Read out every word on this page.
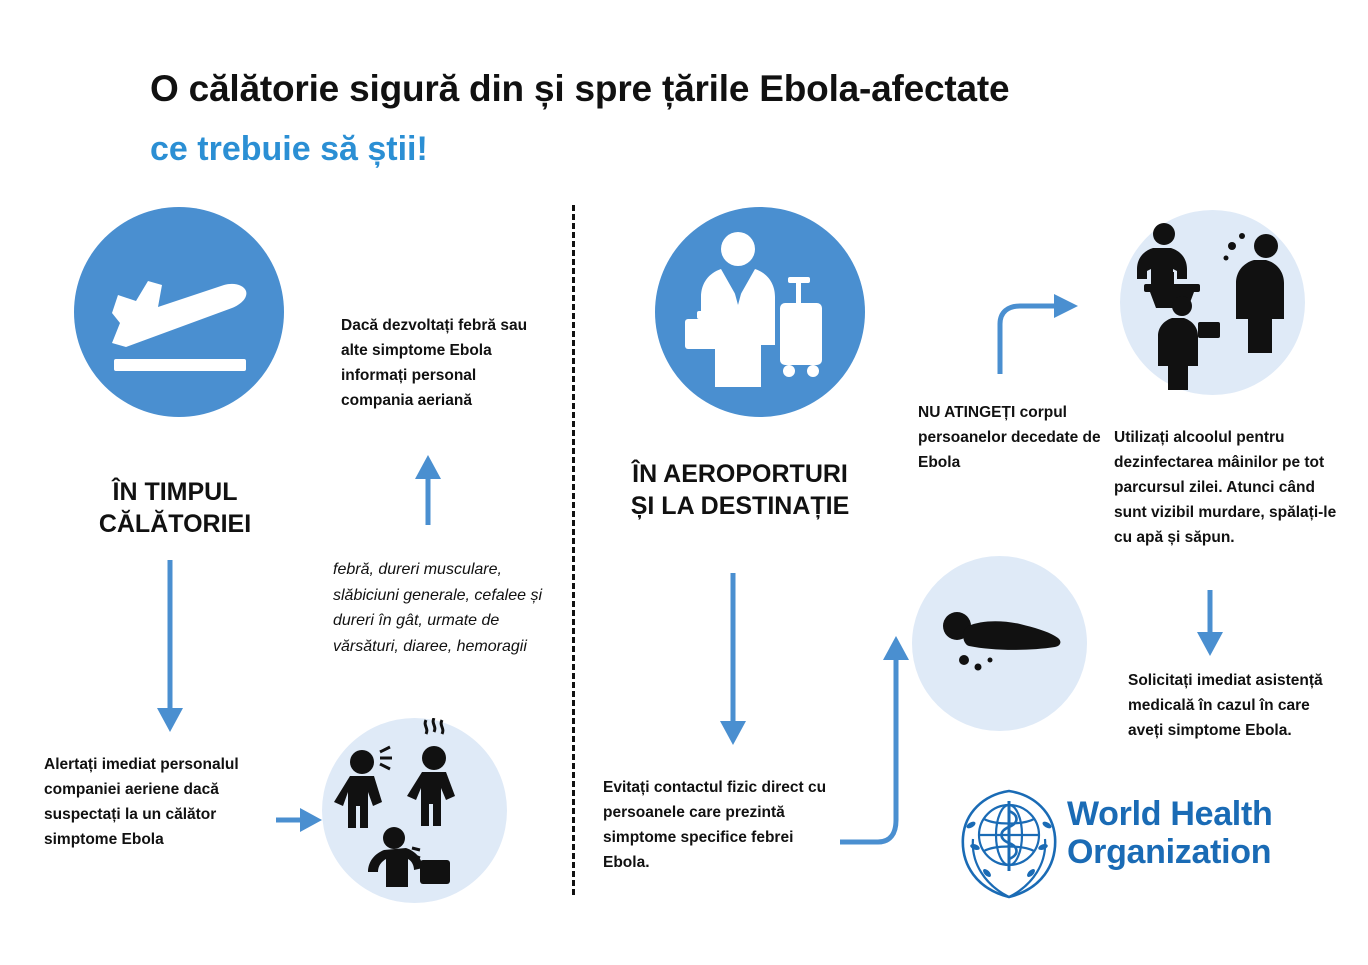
O călătorie sigură din și spre țările Ebola-afectate
ce trebuie să știi!
ÎN TIMPUL
CĂLĂTORIEI
Alertați imediat personalul companiei aeriene dacă suspectați la un călător simptome Ebola
Dacă dezvoltați febră sau alte simptome Ebola informați personal compania aeriană
febră, dureri musculare, slăbiciuni generale, cefalee și dureri în gât, urmate de vărsături, diaree, hemoragii
ÎN AEROPORTURI
ȘI LA DESTINAȚIE
Evitați contactul fizic direct cu persoanele care prezintă simptome specifice febrei Ebola.
NU ATINGEȚI corpul persoanelor decedate de Ebola
Utilizați alcoolul pentru dezinfectarea mâinilor pe tot parcursul zilei. Atunci când sunt vizibil murdare, spălați-le cu apă și săpun.
Solicitați imediat asistență medicală în cazul în care aveți simptome Ebola.
World Health
Organization
